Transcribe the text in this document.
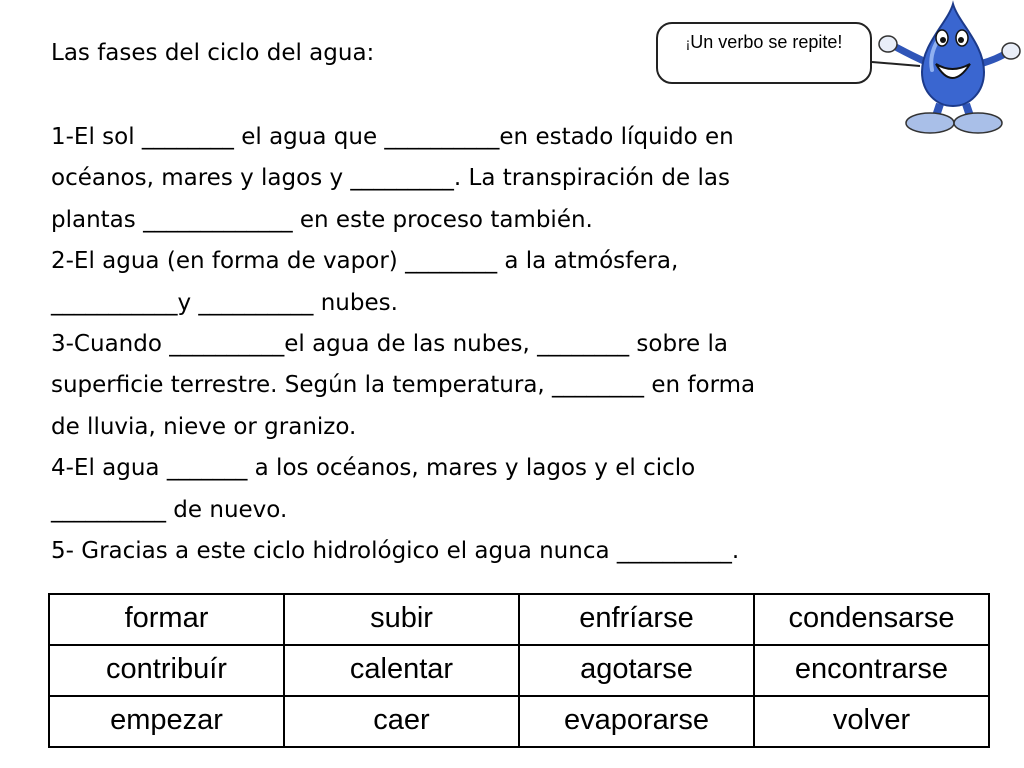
Las fases del ciclo del agua:	¡Un verbo se repite!

1-El sol ________ el agua que __________en estado líquido en

océanos, mares y lagos y _________. La transpiración de las

plantas _____________ en este proceso también.

2-El agua (en forma de vapor) ________ a la atmósfera,

___________y __________ nubes.

3-Cuando __________el agua de las nubes, ________ sobre la

superficie terrestre. Según la temperatura, ________ en forma

de lluvia, nieve or granizo.

4-El agua _______ a los océanos, mares y lagos y el ciclo

__________ de nuevo.

5- Gracias a este ciclo hidrológico el agua nunca __________.

formar	subir	enfríarse	condensarse
contribuír	calentar	agotarse	encontrarse
empezar	caer	evaporarse	volver
